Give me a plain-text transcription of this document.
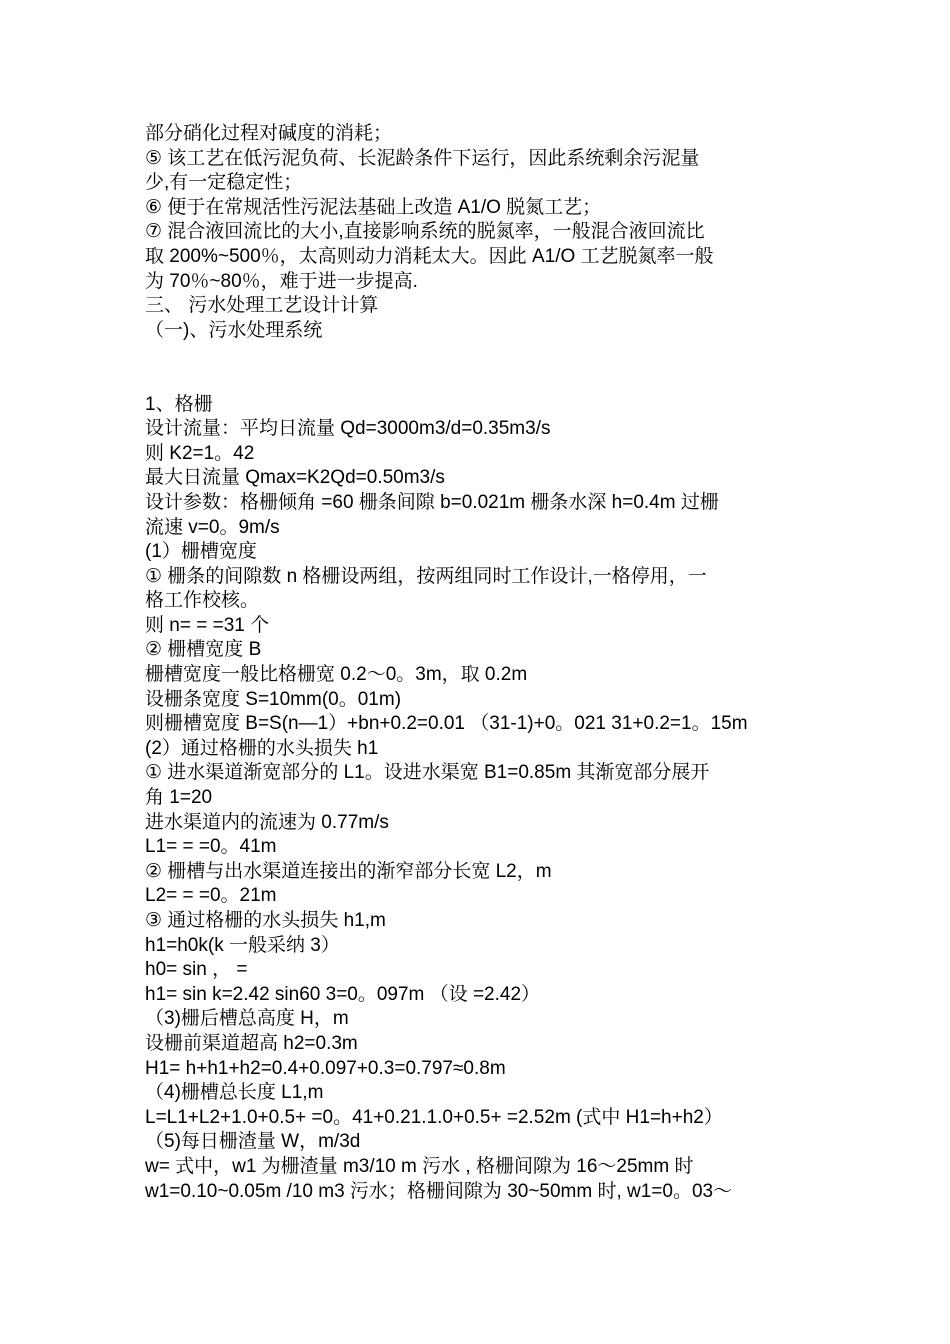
部分硝化过程对碱度的消耗；
⑤ 该工艺在低污泥负荷、长泥龄条件下运行，因此系统剩余污泥量
少,有一定稳定性；
⑥ 便于在常规活性污泥法基础上改造 A1/O 脱氮工艺；
⑦ 混合液回流比的大小,直接影响系统的脱氮率，一般混合液回流比
取 200%~500％，太高则动力消耗太大。因此 A1/O 工艺脱氮率一般
为 70％~80％，难于进一步提高.
三、 污水处理工艺设计计算
（一)、污水处理系统
1、格栅
设计流量：平均日流量 Qd=3000m3/d=0.35m3/s
则 K2=1。42
最大日流量 Qmax=K2Qd=0.50m3/s
设计参数：格栅倾角 =60 栅条间隙 b=0.021m 栅条水深 h=0.4m 过栅
流速 v=0。9m/s
(1）栅槽宽度
① 栅条的间隙数 n 格栅设两组，按两组同时工作设计,一格停用，一
格工作校核。
则 n= = =31 个
② 栅槽宽度 B
栅槽宽度一般比格栅宽 0.2～0。3m，取 0.2m
设栅条宽度 S=10mm(0。01m)
则栅槽宽度 B=S(n—1）+bn+0.2=0.01 （31-1)+0。021 31+0.2=1。15m
(2）通过格栅的水头损失 h1
① 进水渠道渐宽部分的 L1。设进水渠宽 B1=0.85m 其渐宽部分展开
角 1=20
进水渠道内的流速为 0.77m/s
L1= = =0。41m
② 栅槽与出水渠道连接出的渐窄部分长宽 L2，m
L2= = =0。21m
③ 通过格栅的水头损失 h1,m
h1=h0k(k 一般采纳 3）
h0= sin ， =
h1= sin k=2.42 sin60 3=0。097m （设 =2.42）
（3)栅后槽总高度 H，m
设栅前渠道超高 h2=0.3m
H1= h+h1+h2=0.4+0.097+0.3=0.797≈0.8m
（4)栅槽总长度 L1,m
L=L1+L2+1.0+0.5+ =0。41+0.21.1.0+0.5+ =2.52m (式中 H1=h+h2）
（5)每日栅渣量 W，m/3d
w= 式中，w1 为栅渣量 m3/10 m 污水 , 格栅间隙为 16～25mm 时
w1=0.10~0.05m /10 m3 污水；格栅间隙为 30~50mm 时, w1=0。03～
